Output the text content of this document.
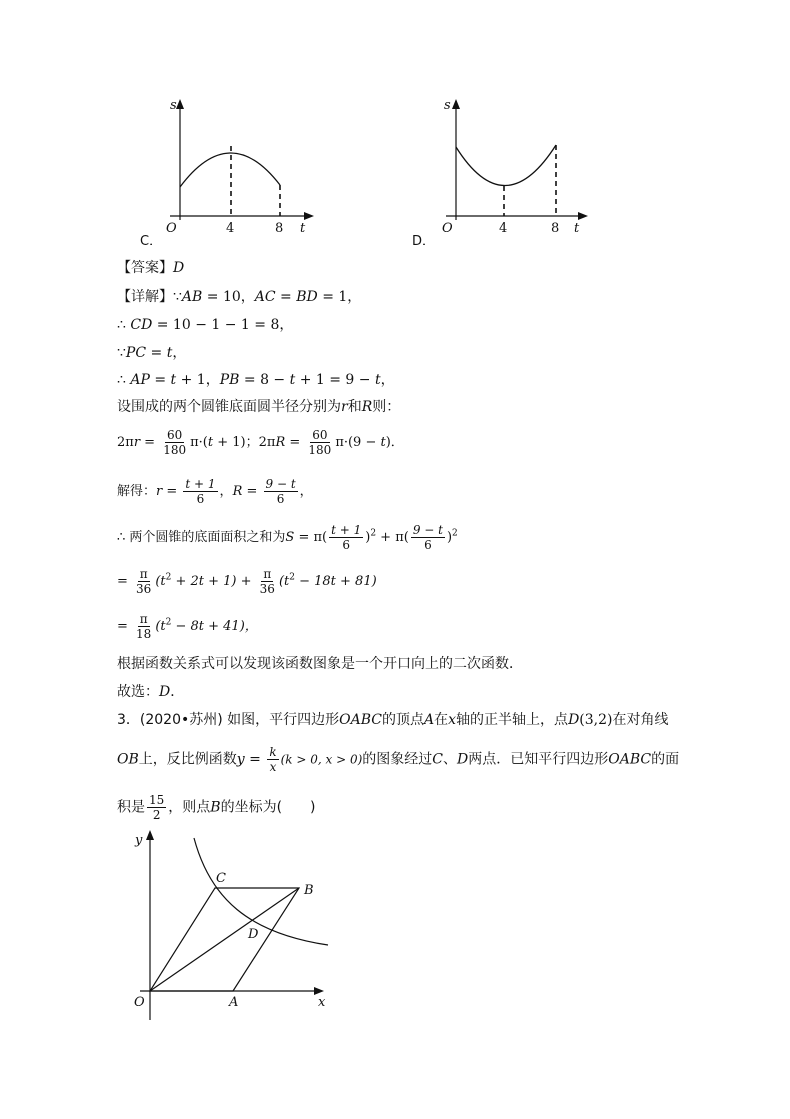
s
t
O	4	8
C．
s
t
O	4	8
D．
【答案】D
【详解】∵AB = 10，AC = BD = 1，
∴ CD = 10 − 1 − 1 = 8，
∵PC = t，
∴ AP = t + 1，PB = 8 − t + 1 = 9 − t，
设围成的两个圆锥底面圆半径分别为r和R则：
$2\pi r = \frac{60}{180} \pi\cdot(t + 1)$；$2\pi R = \frac{60}{180} \pi\cdot(9 - t)$．
解得：$r = \frac{t + 1}{6}$ ，$R = \frac{9 - t}{6}$ ，
∴ 两个圆锥的底面面积之和为$S = \pi( \frac{t + 1}{6} )^2 + \pi( \frac{9 - t}{6} )^2$
= $\frac{\pi}{36} (t^2 + 2t + 1) + \frac{\pi}{36} (t^2 - 18t + 81)$
= $\frac{\pi}{18} (t^2 - 8t + 41)$，
根据函数关系式可以发现该函数图象是一个开口向上的二次函数．
故选：D．
3．(2020•苏州) 如图，平行四边形OABC的顶点A在x轴的正半轴上，点D(3,2)在对角线
OB上，反比例函数$y = \frac{k}{x} (k > 0$, x > 0)的图象经过C、D两点．已知平行四边形OABC的面
积是 $\frac{15}{2}$ ，则点B的坐标为(　　)
y
x
O	A
B
C
D
